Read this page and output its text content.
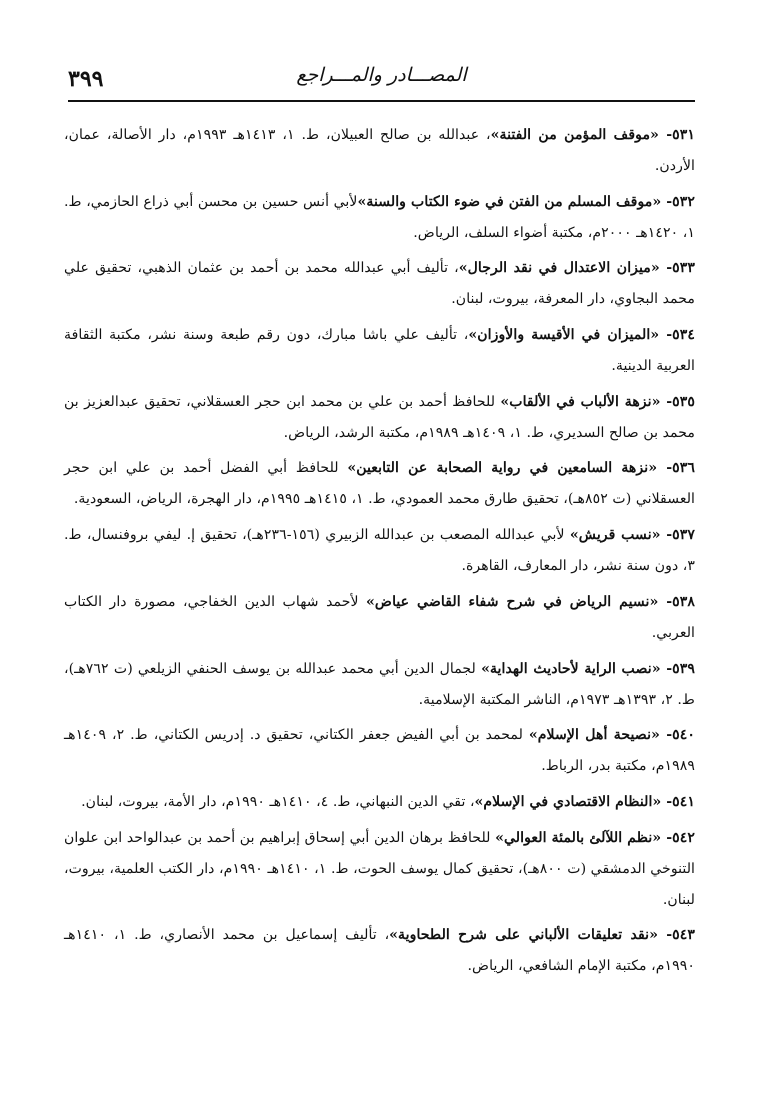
٣٩٩	المصـــادر والمـــراجع

٥٣١- «موقف المؤمن من الفتنة»، عبدالله بن صالح العبيلان، ط. ١، ١٤١٣هـ ١٩٩٣م، دار الأصالة، عمان، الأردن.

٥٣٢- «موقف المسلم من الفتن في ضوء الكتاب والسنة»لأبي أنس حسين بن محسن أبي ذراع الحازمي، ط. ١، ١٤٢٠هـ ٢٠٠٠م، مكتبة أضواء السلف، الرياض.

٥٣٣- «ميزان الاعتدال في نقد الرجال»، تأليف أبي عبدالله محمد بن أحمد بن عثمان الذهبي، تحقيق علي محمد البجاوي، دار المعرفة، بيروت، لبنان.

٥٣٤- «الميزان في الأقيسة والأوزان»، تأليف علي باشا مبارك، دون رقم طبعة وسنة نشر، مكتبة الثقافة العربية الدينية.

٥٣٥- «نزهة الألباب في الألقاب» للحافظ أحمد بن علي بن محمد ابن حجر العسقلاني، تحقيق عبدالعزيز بن محمد بن صالح السديري، ط. ١، ١٤٠٩هـ ١٩٨٩م، مكتبة الرشد، الرياض.

٥٣٦- «نزهة السامعين في رواية الصحابة عن التابعين» للحافظ أبي الفضل أحمد بن علي ابن حجر العسقلاني (ت ٨٥٢هـ)، تحقيق طارق محمد العمودي، ط. ١، ١٤١٥هـ ١٩٩٥م، دار الهجرة، الرياض، السعودية.

٥٣٧- «نسب قريش» لأبي عبدالله المصعب بن عبدالله الزبيري (١٥٦-٢٣٦هـ)، تحقيق إ. ليفي بروفنسال، ط. ٣، دون سنة نشر، دار المعارف، القاهرة.

٥٣٨- «نسيم الرياض في شرح شفاء القاضي عياض» لأحمد شهاب الدين الخفاجي، مصورة دار الكتاب العربي.

٥٣٩- «نصب الراية لأحاديث الهداية» لجمال الدين أبي محمد عبدالله بن يوسف الحنفي الزيلعي (ت ٧٦٢هـ)، ط. ٢، ١٣٩٣هـ ١٩٧٣م، الناشر المكتبة الإسلامية.

٥٤٠- «نصيحة أهل الإسلام» لمحمد بن أبي الفيض جعفر الكتاني، تحقيق د. إدريس الكتاني، ط. ٢، ١٤٠٩هـ ١٩٨٩م، مكتبة بدر، الرباط.

٥٤١- «النظام الاقتصادي في الإسلام»، تقي الدين النبهاني، ط. ٤، ١٤١٠هـ ١٩٩٠م، دار الأمة، بيروت، لبنان.

٥٤٢- «نظم اللآلئ بالمئة العوالي» للحافظ برهان الدين أبي إسحاق إبراهيم بن أحمد بن عبدالواحد ابن علوان التنوخي الدمشقي (ت ٨٠٠هـ)، تحقيق كمال يوسف الحوت، ط. ١، ١٤١٠هـ ١٩٩٠م، دار الكتب العلمية، بيروت، لبنان.

٥٤٣- «نقد تعليقات الألباني على شرح الطحاوية»، تأليف إسماعيل بن محمد الأنصاري، ط. ١، ١٤١٠هـ ١٩٩٠م، مكتبة الإمام الشافعي، الرياض.
